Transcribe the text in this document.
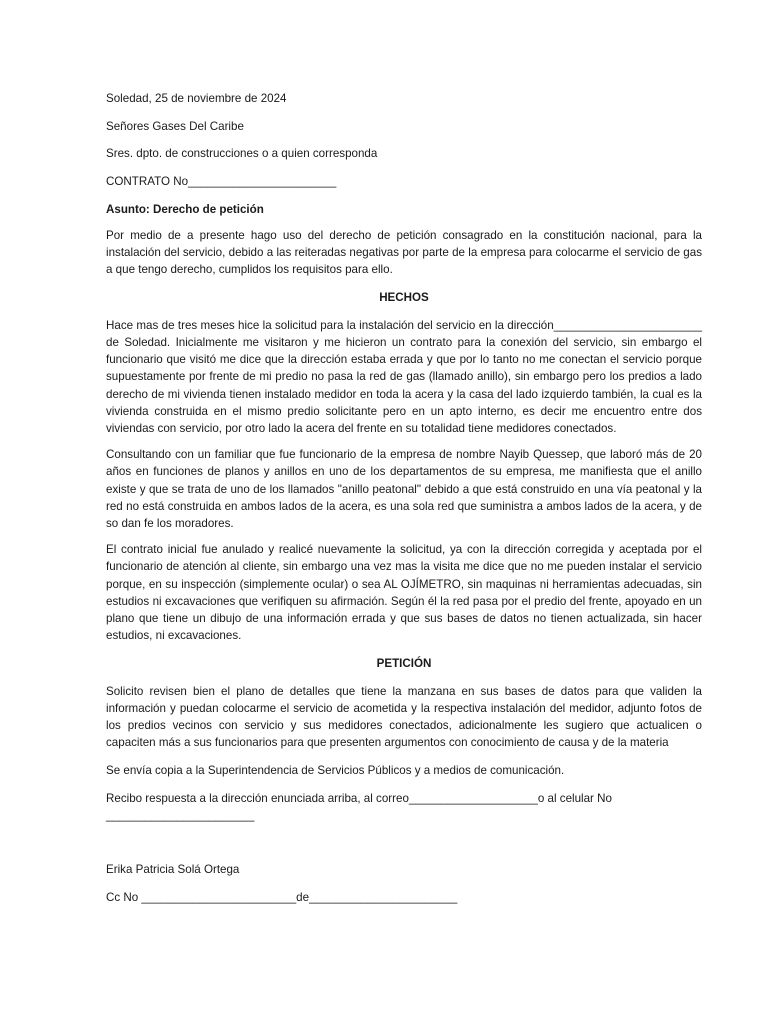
Soledad, 25 de noviembre de 2024

Señores Gases Del Caribe

Sres. dpto. de construcciones o a quien corresponda

CONTRATO No_______________________

Asunto: Derecho de petición

Por medio de a presente hago uso del derecho de petición consagrado en la constitución nacional, para la instalación del servicio, debido a las reiteradas negativas por parte de la empresa para colocarme el servicio de gas a que tengo derecho, cumplidos los requisitos para ello.

HECHOS

Hace mas de tres meses hice la solicitud para la instalación del servicio en la dirección_______________________ de Soledad. Inicialmente me visitaron y me hicieron un contrato para la conexión del servicio, sin embargo el funcionario que visitó me dice que la dirección estaba errada y que por lo tanto no me conectan el servicio porque supuestamente por frente de mi predio no pasa la red de gas (llamado anillo), sin embargo pero los predios a lado derecho de mi vivienda tienen instalado medidor en toda la acera y la casa del lado izquierdo también, la cual es la vivienda construida en el mismo predio solicitante pero en un apto interno, es decir me encuentro entre dos viviendas con servicio, por otro lado la acera del frente en su totalidad tiene medidores conectados.

Consultando con un familiar que fue funcionario de la empresa de nombre Nayib Quessep, que laboró más de 20 años en funciones de planos y anillos en uno de los departamentos de su empresa, me manifiesta que el anillo existe y que se trata de uno de los llamados "anillo peatonal" debido a que está construido en una vía peatonal y la red no está construida en ambos lados de la acera, es una sola red que suministra a ambos lados de la acera, y de so dan fe los moradores.

El contrato inicial fue anulado y realicé nuevamente la solicitud, ya con la dirección corregida y aceptada por el funcionario de atención al cliente, sin embargo una vez mas la visita me dice que no me pueden instalar el servicio porque, en su inspección (simplemente ocular) o sea AL OJÍMETRO, sin maquinas ni herramientas adecuadas, sin estudios ni excavaciones que verifiquen su afirmación. Según él la red pasa por el predio del frente, apoyado en un plano que tiene un dibujo de una información errada y que sus bases de datos no tienen actualizada, sin hacer estudios, ni excavaciones.

PETICIÓN

Solicito revisen bien el plano de detalles que tiene la manzana en sus bases de datos para que validen la información y puedan colocarme el servicio de acometida y la respectiva instalación del medidor, adjunto fotos de los predios vecinos con servicio y sus medidores conectados, adicionalmente les sugiero que actualicen o capaciten más a sus funcionarios para que presenten argumentos con conocimiento de causa y de la materia

Se envía copia a la Superintendencia de Servicios Públicos y a medios de comunicación.

Recibo respuesta a la dirección enunciada arriba, al correo____________________o al celular No _______________________

Erika Patricia Solá Ortega

Cc No ________________________de_______________________
